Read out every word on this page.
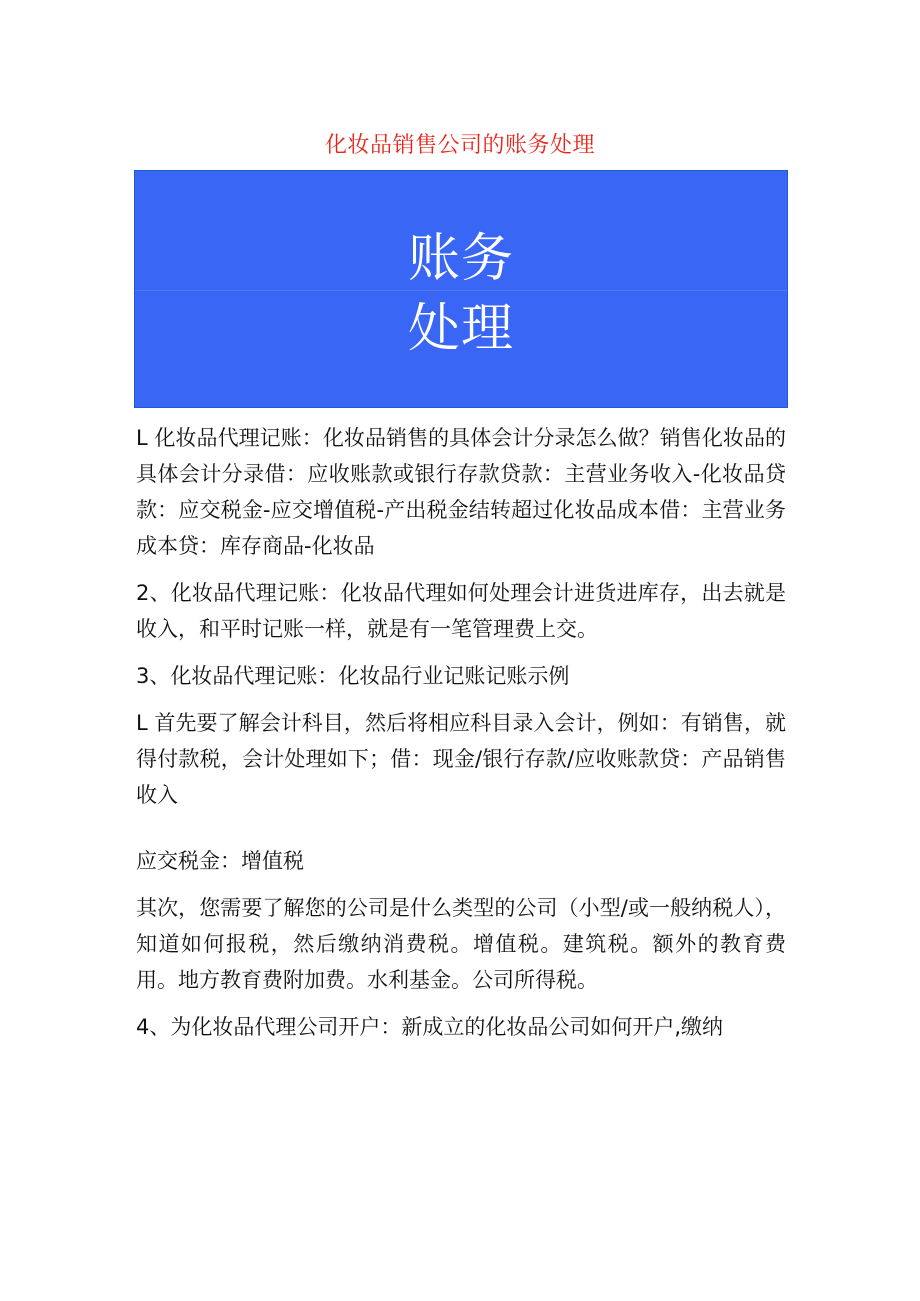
化妆品销售公司的账务处理
账务
处理

L 化妆品代理记账：化妆品销售的具体会计分录怎么做？销售化妆品的具体会计分录借：应收账款或银行存款贷款：主营业务收入-化妆品贷款：应交税金-应交增值税-产出税金结转超过化妆品成本借：主营业务成本贷：库存商品-化妆品

2、化妆品代理记账：化妆品代理如何处理会计进货进库存，出去就是收入，和平时记账一样，就是有一笔管理费上交。

3、化妆品代理记账：化妆品行业记账记账示例

L 首先要了解会计科目，然后将相应科目录入会计，例如：有销售，就得付款税，会计处理如下；借：现金/银行存款/应收账款贷：产品销售收入

应交税金：增值税

其次，您需要了解您的公司是什么类型的公司（小型/或一般纳税人），知道如何报税，然后缴纳消费税。增值税。建筑税。额外的教育费用。地方教育费附加费。水利基金。公司所得税。

4、为化妆品代理公司开户：新成立的化妆品公司如何开户,缴纳
